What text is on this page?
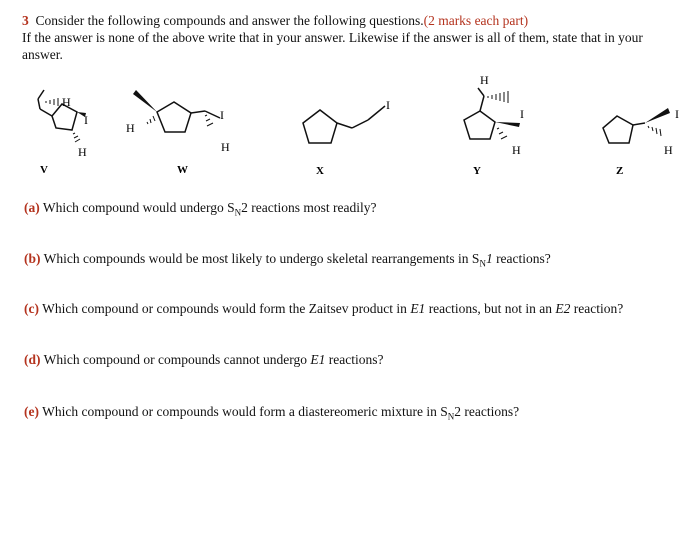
3 Consider the following compounds and answer the following questions.(2 marks each part)
If the answer is none of the above write that in your answer. Likewise if the answer is all of them, state that in your answer.
H
I
H
V
H
I
H
W
I
X
H
I
H
Y
I
H
Z
(a) Which compound would undergo $S_N2$ reactions most readily?
(b) Which compounds would be most likely to undergo skeletal rearrangements in $S_N1$ reactions?
(c) Which compound or compounds would form the Zaitsev product in E1 reactions, but not in an E2 reaction?
(d) Which compound or compounds cannot undergo E1 reactions?
(e) Which compound or compounds would form a diastereomeric mixture in $S_N2$ reactions?
